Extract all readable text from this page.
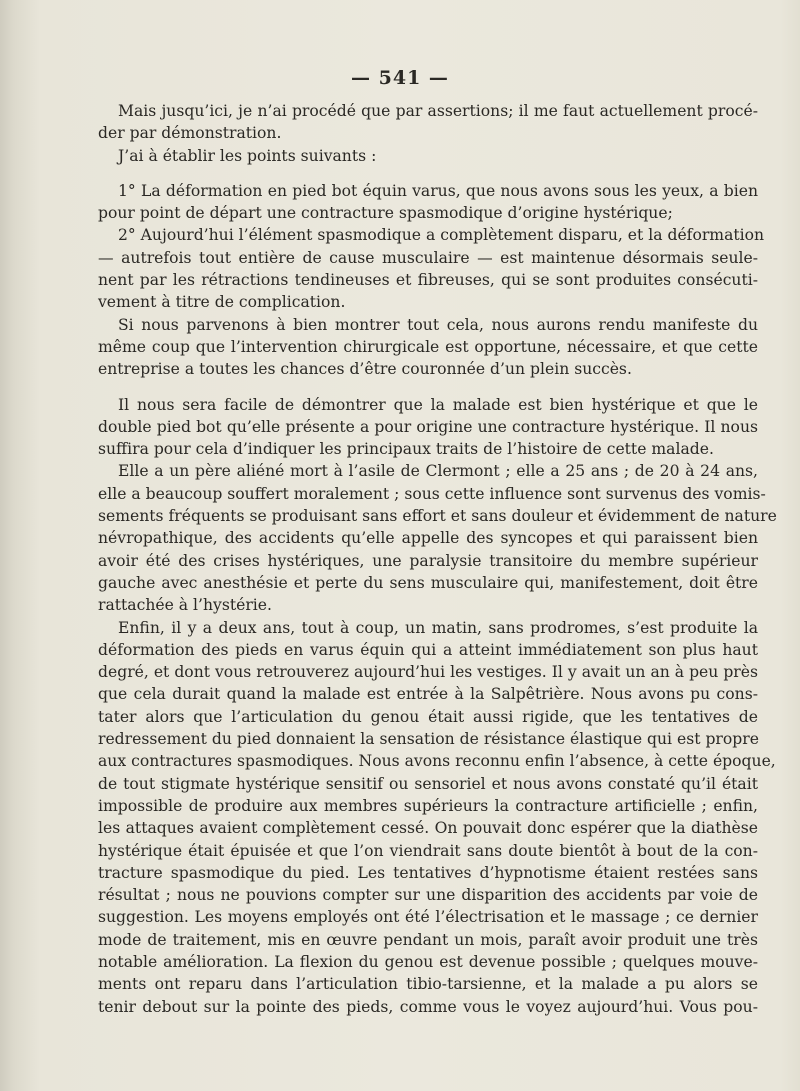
— 541 —
Mais jusqu’ici, je n’ai procédé que par assertions; il me faut actuellement procé-
der par démonstration.
J’ai à établir les points suivants :
1° La déformation en pied bot équin varus, que nous avons sous les yeux, a bien
pour point de départ une contracture spasmodique d’origine hystérique;
2° Aujourd’hui l’élément spasmodique a complètement disparu, et la déformation
— autrefois tout entière de cause musculaire — est maintenue désormais seule-
nent par les rétractions tendineuses et fibreuses, qui se sont produites consécuti-
vement à titre de complication.
Si nous parvenons à bien montrer tout cela, nous aurons rendu manifeste du
même coup que l’intervention chirurgicale est opportune, nécessaire, et que cette
entreprise a toutes les chances d’être couronnée d’un plein succès.
Il nous sera facile de démontrer que la malade est bien hystérique et que le
double pied bot qu’elle présente a pour origine une contracture hystérique. Il nous
suffira pour cela d’indiquer les principaux traits de l’histoire de cette malade.
Elle a un père aliéné mort à l’asile de Clermont ; elle a 25 ans ; de 20 à 24 ans,
elle a beaucoup souffert moralement ; sous cette influence sont survenus des vomis-
sements fréquents se produisant sans effort et sans douleur et évidemment de nature
névropathique, des accidents qu’elle appelle des syncopes et qui paraissent bien
avoir été des crises hystériques, une paralysie transitoire du membre supérieur
gauche avec anesthésie et perte du sens musculaire qui, manifestement, doit être
rattachée à l’hystérie.
Enfin, il y a deux ans, tout à coup, un matin, sans prodromes, s’est produite la
déformation des pieds en varus équin qui a atteint immédiatement son plus haut
degré, et dont vous retrouverez aujourd’hui les vestiges. Il y avait un an à peu près
que cela durait quand la malade est entrée à la Salpêtrière. Nous avons pu cons-
tater alors que l’articulation du genou était aussi rigide, que les tentatives de
redressement du pied donnaient la sensation de résistance élastique qui est propre
aux contractures spasmodiques. Nous avons reconnu enfin l’absence, à cette époque,
de tout stigmate hystérique sensitif ou sensoriel et nous avons constaté qu’il était
impossible de produire aux membres supérieurs la contracture artificielle ; enfin,
les attaques avaient complètement cessé. On pouvait donc espérer que la diathèse
hystérique était épuisée et que l’on viendrait sans doute bientôt à bout de la con-
tracture spasmodique du pied. Les tentatives d’hypnotisme étaient restées sans
résultat ; nous ne pouvions compter sur une disparition des accidents par voie de
suggestion. Les moyens employés ont été l’électrisation et le massage ; ce dernier
mode de traitement, mis en œuvre pendant un mois, paraît avoir produit une très
notable amélioration. La flexion du genou est devenue possible ; quelques mouve-
ments ont reparu dans l’articulation tibio-tarsienne, et la malade a pu alors se
tenir debout sur la pointe des pieds, comme vous le voyez aujourd’hui. Vous pou-
